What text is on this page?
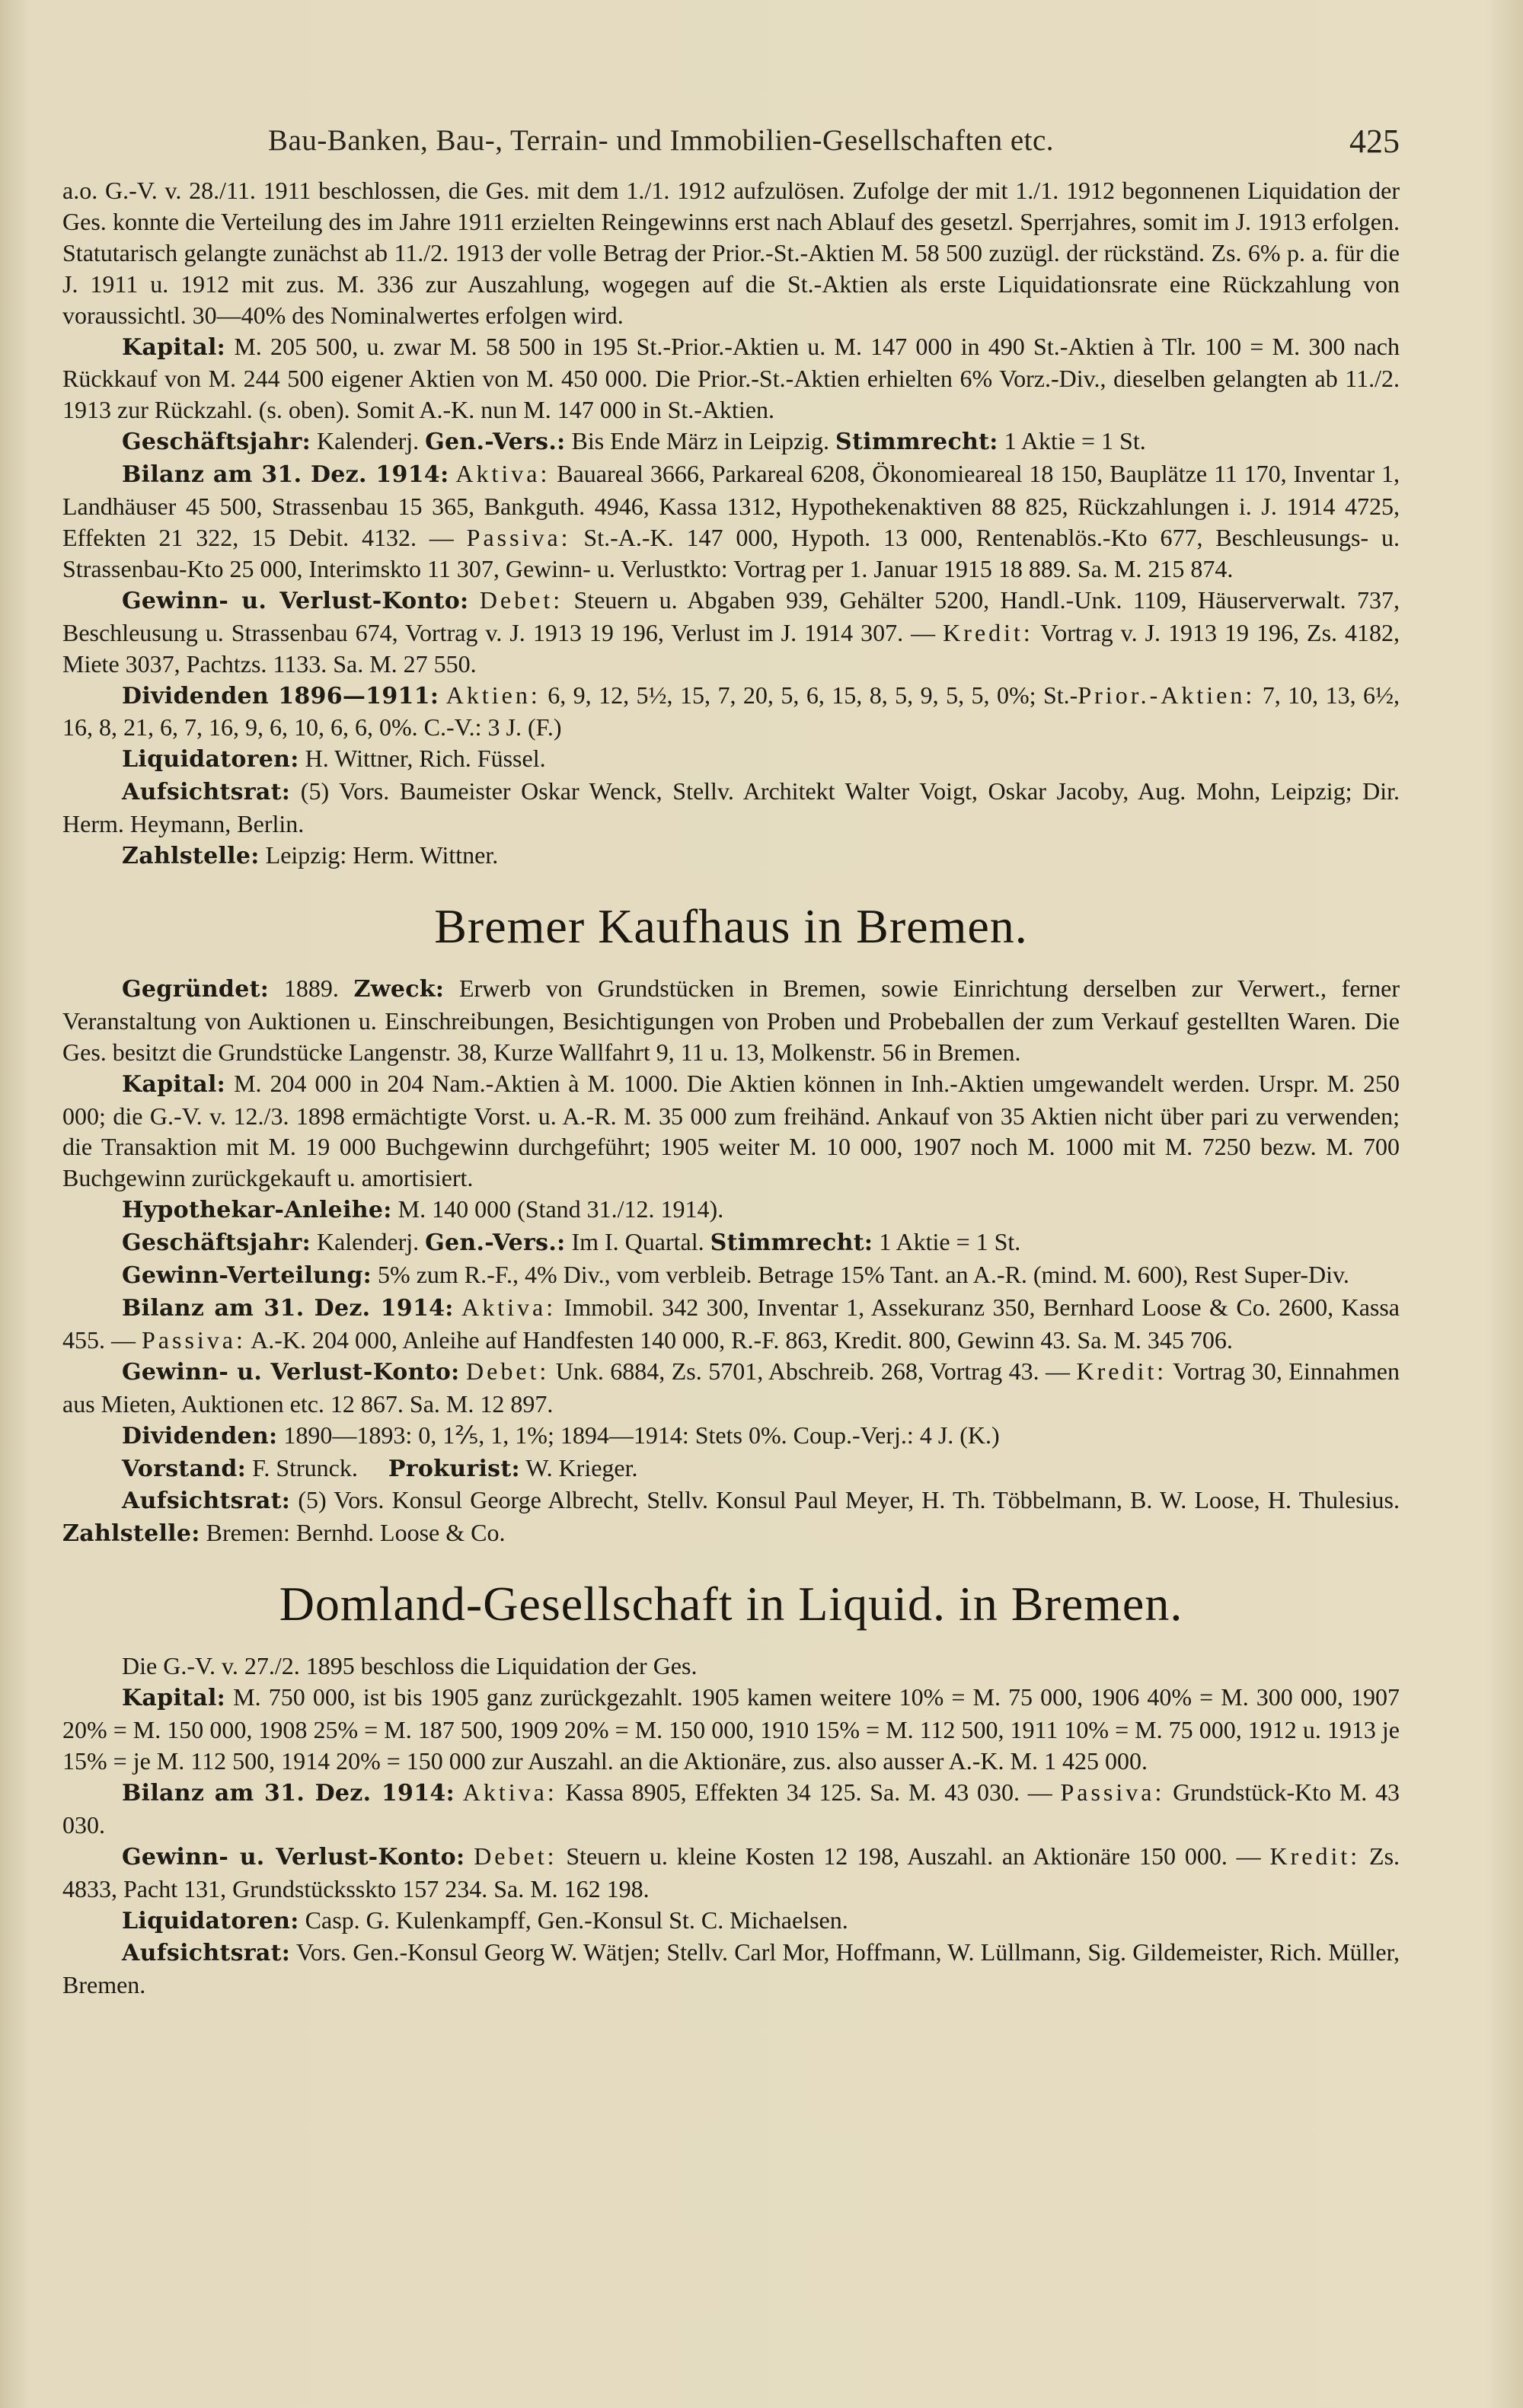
Bau-Banken, Bau-, Terrain- und Immobilien-Gesellschaften etc.	425

a.o. G.-V. v. 28./11. 1911 beschlossen, die Ges. mit dem 1./1. 1912 aufzulösen. Zufolge der mit 1./1. 1912 begonnenen Liquidation der Ges. konnte die Verteilung des im Jahre 1911 erzielten Reingewinns erst nach Ablauf des gesetzl. Sperrjahres, somit im J. 1913 erfolgen. Statutarisch gelangte zunächst ab 11./2. 1913 der volle Betrag der Prior.-St.-Aktien M. 58 500 zuzügl. der rückständ. Zs. 6% p. a. für die J. 1911 u. 1912 mit zus. M. 336 zur Auszahlung, wogegen auf die St.-Aktien als erste Liquidationsrate eine Rückzahlung von voraussichtl. 30—40% des Nominalwertes erfolgen wird.

Kapital: M. 205 500, u. zwar M. 58 500 in 195 St.-Prior.-Aktien u. M. 147 000 in 490 St.-Aktien à Tlr. 100 = M. 300 nach Rückkauf von M. 244 500 eigener Aktien von M. 450 000. Die Prior.-St.-Aktien erhielten 6% Vorz.-Div., dieselben gelangten ab 11./2. 1913 zur Rückzahl. (s. oben). Somit A.-K. nun M. 147 000 in St.-Aktien.

Geschäftsjahr: Kalenderj. Gen.-Vers.: Bis Ende März in Leipzig. Stimmrecht: 1 Aktie = 1 St.

Bilanz am 31. Dez. 1914: Aktiva: Bauareal 3666, Parkareal 6208, Ökonomieareal 18 150, Bauplätze 11 170, Inventar 1, Landhäuser 45 500, Strassenbau 15 365, Bankguth. 4946, Kassa 1312, Hypothekenaktiven 88 825, Rückzahlungen i. J. 1914 4725, Effekten 21 322, 15 Debit. 4132. — Passiva: St.-A.-K. 147 000, Hypoth. 13 000, Rentenablös.-Kto 677, Beschleusungs- u. Strassenbau-Kto 25 000, Interimskto 11 307, Gewinn- u. Verlustkto: Vortrag per 1. Januar 1915 18 889. Sa. M. 215 874.

Gewinn- u. Verlust-Konto: Debet: Steuern u. Abgaben 939, Gehälter 5200, Handl.-Unk. 1109, Häuserverwalt. 737, Beschleusung u. Strassenbau 674, Vortrag v. J. 1913 19 196, Verlust im J. 1914 307. — Kredit: Vortrag v. J. 1913 19 196, Zs. 4182, Miete 3037, Pachtzs. 1133. Sa. M. 27 550.

Dividenden 1896—1911: Aktien: 6, 9, 12, 5½, 15, 7, 20, 5, 6, 15, 8, 5, 9, 5, 5, 0%; St.-Prior.-Aktien: 7, 10, 13, 6½, 16, 8, 21, 6, 7, 16, 9, 6, 10, 6, 6, 0%. C.-V.: 3 J. (F.)

Liquidatoren: H. Wittner, Rich. Füssel.

Aufsichtsrat: (5) Vors. Baumeister Oskar Wenck, Stellv. Architekt Walter Voigt, Oskar Jacoby, Aug. Mohn, Leipzig; Dir. Herm. Heymann, Berlin.

Zahlstelle: Leipzig: Herm. Wittner.

Bremer Kaufhaus in Bremen.

Gegründet: 1889. Zweck: Erwerb von Grundstücken in Bremen, sowie Einrichtung derselben zur Verwert., ferner Veranstaltung von Auktionen u. Einschreibungen, Besichtigungen von Proben und Probeballen der zum Verkauf gestellten Waren. Die Ges. besitzt die Grundstücke Langenstr. 38, Kurze Wallfahrt 9, 11 u. 13, Molkenstr. 56 in Bremen.

Kapital: M. 204 000 in 204 Nam.-Aktien à M. 1000. Die Aktien können in Inh.-Aktien umgewandelt werden. Urspr. M. 250 000; die G.-V. v. 12./3. 1898 ermächtigte Vorst. u. A.-R. M. 35 000 zum freihänd. Ankauf von 35 Aktien nicht über pari zu verwenden; die Transaktion mit M. 19 000 Buchgewinn durchgeführt; 1905 weiter M. 10 000, 1907 noch M. 1000 mit M. 7250 bezw. M. 700 Buchgewinn zurückgekauft u. amortisiert.

Hypothekar-Anleihe: M. 140 000 (Stand 31./12. 1914).

Geschäftsjahr: Kalenderj. Gen.-Vers.: Im I. Quartal. Stimmrecht: 1 Aktie = 1 St.

Gewinn-Verteilung: 5% zum R.-F., 4% Div., vom verbleib. Betrage 15% Tant. an A.-R. (mind. M. 600), Rest Super-Div.

Bilanz am 31. Dez. 1914: Aktiva: Immobil. 342 300, Inventar 1, Assekuranz 350, Bernhard Loose & Co. 2600, Kassa 455. — Passiva: A.-K. 204 000, Anleihe auf Handfesten 140 000, R.-F. 863, Kredit. 800, Gewinn 43. Sa. M. 345 706.

Gewinn- u. Verlust-Konto: Debet: Unk. 6884, Zs. 5701, Abschreib. 268, Vortrag 43. — Kredit: Vortrag 30, Einnahmen aus Mieten, Auktionen etc. 12 867. Sa. M. 12 897.

Dividenden: 1890—1893: 0, 1⅖, 1, 1%; 1894—1914: Stets 0%. Coup.-Verj.: 4 J. (K.)

Vorstand: F. Strunck. Prokurist: W. Krieger.

Aufsichtsrat: (5) Vors. Konsul George Albrecht, Stellv. Konsul Paul Meyer, H. Th. Többelmann, B. W. Loose, H. Thulesius. Zahlstelle: Bremen: Bernhd. Loose & Co.

Domland-Gesellschaft in Liquid. in Bremen.

Die G.-V. v. 27./2. 1895 beschloss die Liquidation der Ges.

Kapital: M. 750 000, ist bis 1905 ganz zurückgezahlt. 1905 kamen weitere 10% = M. 75 000, 1906 40% = M. 300 000, 1907 20% = M. 150 000, 1908 25% = M. 187 500, 1909 20% = M. 150 000, 1910 15% = M. 112 500, 1911 10% = M. 75 000, 1912 u. 1913 je 15% = je M. 112 500, 1914 20% = 150 000 zur Auszahl. an die Aktionäre, zus. also ausser A.-K. M. 1 425 000.

Bilanz am 31. Dez. 1914: Aktiva: Kassa 8905, Effekten 34 125. Sa. M. 43 030. — Passiva: Grundstück-Kto M. 43 030.

Gewinn- u. Verlust-Konto: Debet: Steuern u. kleine Kosten 12 198, Auszahl. an Aktionäre 150 000. — Kredit: Zs. 4833, Pacht 131, Grundstücksskto 157 234. Sa. M. 162 198.

Liquidatoren: Casp. G. Kulenkampff, Gen.-Konsul St. C. Michaelsen.

Aufsichtsrat: Vors. Gen.-Konsul Georg W. Wätjen; Stellv. Carl Mor, Hoffmann, W. Lüllmann, Sig. Gildemeister, Rich. Müller, Bremen.
